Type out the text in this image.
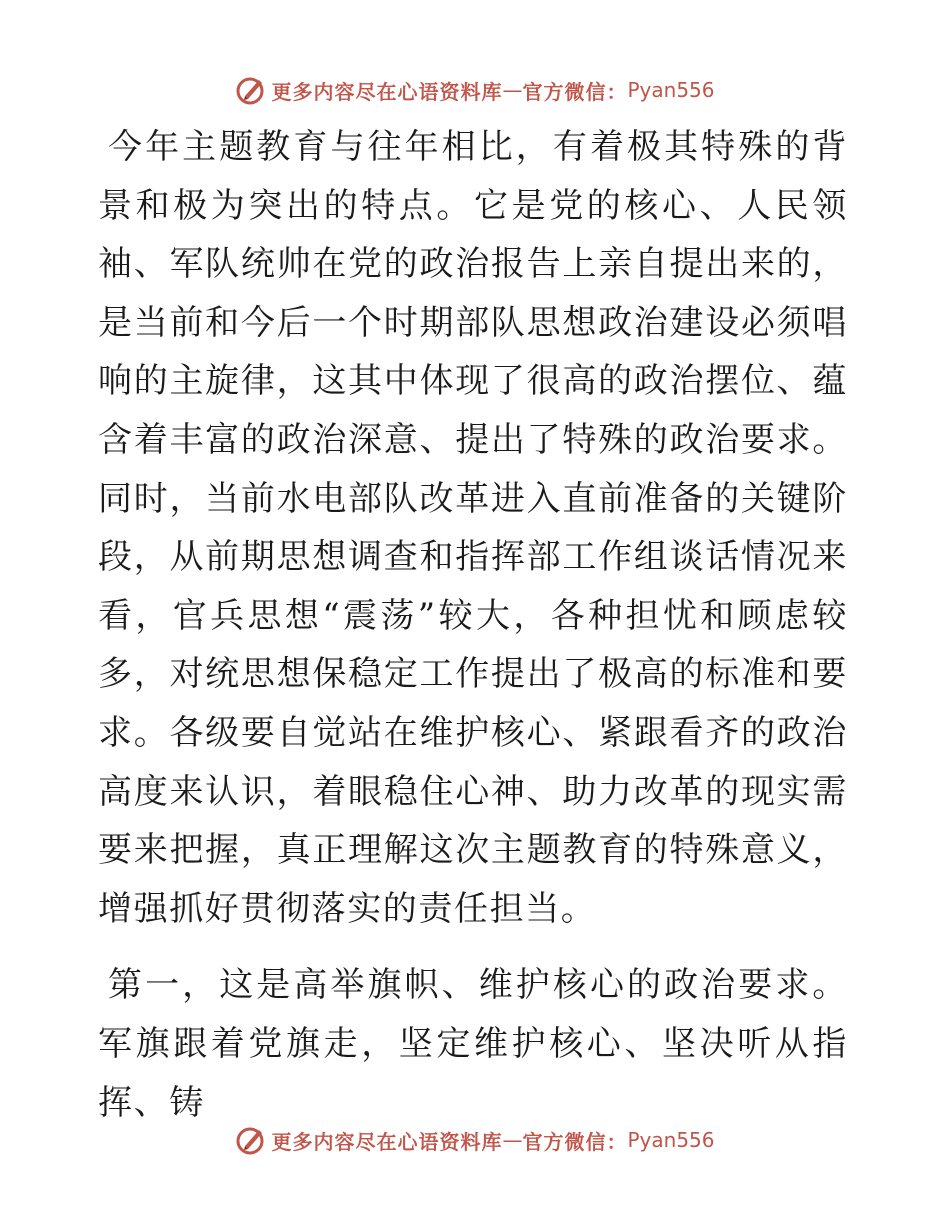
更多内容尽在心语资料库 — 官方微信： Pyan556

今年主题教育与往年相比，有着极其特殊的背景和极为突出的特点。它是党的核心、人民领袖、军队统帅在党的政治报告上亲自提出来的，是当前和今后一个时期部队思想政治建设必须唱响的主旋律，这其中体现了很高的政治摆位、蕴含着丰富的政治深意、提出了特殊的政治要求。同时，当前水电部队改革进入直前准备的关键阶段，从前期思想调查和指挥部工作组谈话情况来看，官兵思想“震荡”较大，各种担忧和顾虑较多，对统思想保稳定工作提出了极高的标准和要求。各级要自觉站在维护核心、紧跟看齐的政治高度来认识，着眼稳住心神、助力改革的现实需要来把握，真正理解这次主题教育的特殊意义，增强抓好贯彻落实的责任担当。

第一，这是高举旗帜、维护核心的政治要求。军旗跟着党旗走，坚定维护核心、坚决听从指挥、铸

更多内容尽在心语资料库 — 官方微信： Pyan556
